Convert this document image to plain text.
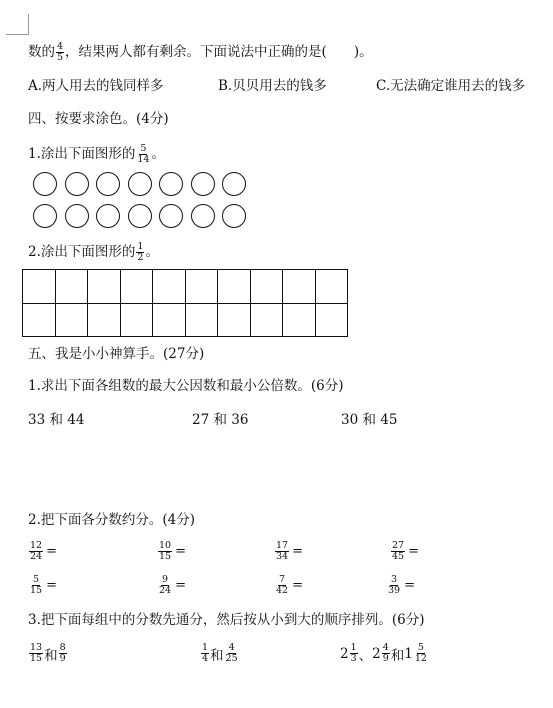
数的 $\frac{4}{5}$ ，结果两人都有剩余。下面说法中正确的是(　　)。
A.两人用去的钱同样多	B.贝贝用去的钱多	C.无法确定谁用去的钱多
四、按要求涂色。(4分)
1.涂出下面图形的 $\frac{5}{14}$ 。
2.涂出下面图形的 $\frac{1}{2}$ 。
五、我是小小神算手。(27分)
1.求出下面各组数的最大公因数和最小公倍数。(6分)
33 和 44	27 和 36	30 和 45
2.把下面各分数约分。(4分)
$\frac{12}{24}$ =	$\frac{10}{15}$ =	$\frac{17}{34}$ =	$\frac{27}{45}$ =
$\frac{5}{15}$ =	$\frac{9}{24}$ =	$\frac{7}{42}$ =	$\frac{3}{39}$ =
3.把下面每组中的分数先通分，然后按从小到大的顺序排列。(6分)
$\frac{13}{15}$ 和 $\frac{8}{9}$	$\frac{1}{4}$ 和 $\frac{4}{25}$	$2 \frac{1}{3}$ 、 $2 \frac{4}{9}$ 和 $1 \frac{5}{12}$
